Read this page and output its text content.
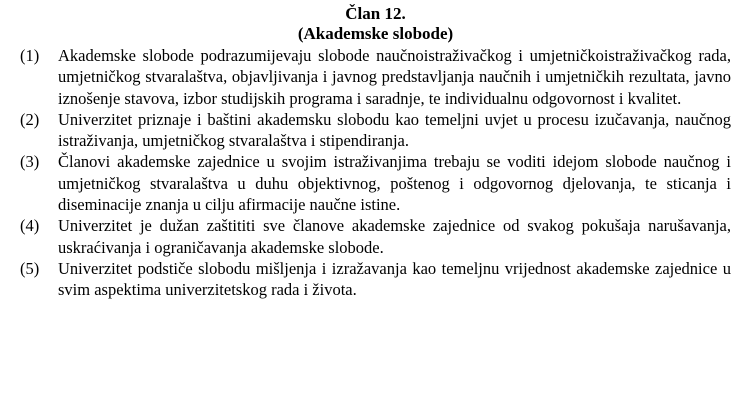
Član 12.
(Akademske slobode)
(1) Akademske slobode podrazumijevaju slobode naučnoistraživačkog i umjetničkoistraživačkog rada, umjetničkog stvaralaštva, objavljivanja i javnog predstavljanja naučnih i umjetničkih rezultata, javno iznošenje stavova, izbor studijskih programa i saradnje, te individualnu odgovornost i kvalitet.
(2) Univerzitet priznaje i baštini akademsku slobodu kao temeljni uvjet u procesu izučavanja, naučnog istraživanja, umjetničkog stvaralaštva i stipendiranja.
(3) Članovi akademske zajednice u svojim istraživanjima trebaju se voditi idejom slobode naučnog i umjetničkog stvaralaštva u duhu objektivnog, poštenog i odgovornog djelovanja, te sticanja i diseminacije znanja u cilju afirmacije naučne istine.
(4) Univerzitet je dužan zaštititi sve članove akademske zajednice od svakog pokušaja narušavanja, uskraćivanja i ograničavanja akademske slobode.
(5) Univerzitet podstiče slobodu mišljenja i izražavanja kao temeljnu vrijednost akademske zajednice u svim aspektima univerzitetskog rada i života.
